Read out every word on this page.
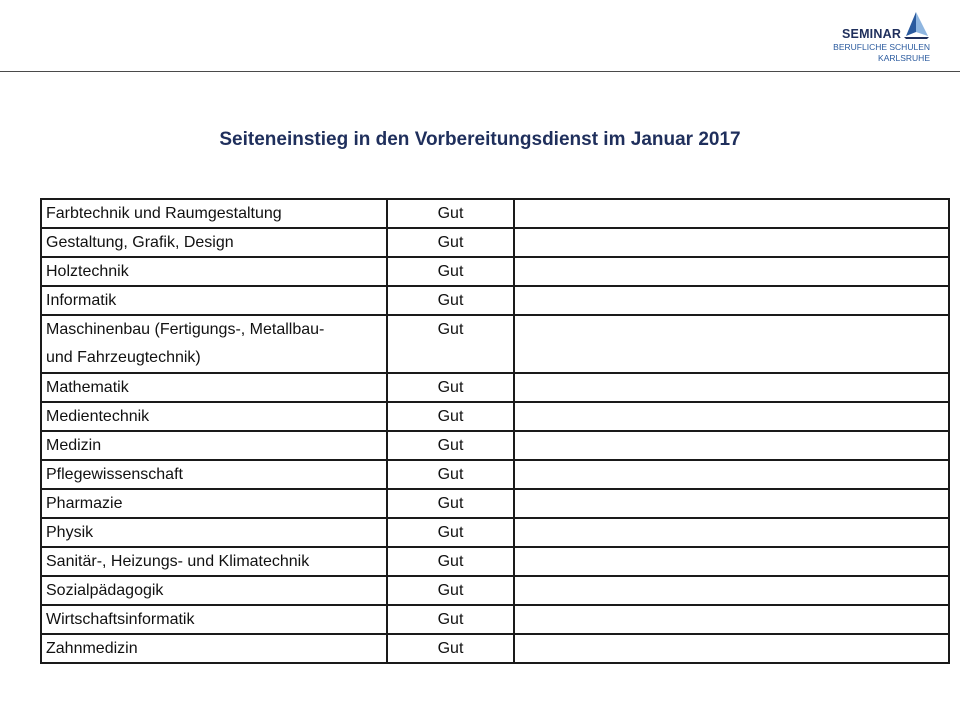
SEMINAR
BERUFLICHE SCHULEN
KARLSRUHE
Seiteneinstieg in den Vorbereitungsdienst im Januar 2017
Farbtechnik und Raumgestaltung	Gut	
Gestaltung, Grafik, Design	Gut	
Holztechnik	Gut	
Informatik	Gut	
Maschinenbau (Fertigungs-, Metallbau-
und Fahrzeugtechnik)	Gut	
Mathematik	Gut	
Medientechnik	Gut	
Medizin	Gut	
Pflegewissenschaft	Gut	
Pharmazie	Gut	
Physik	Gut	
Sanitär-, Heizungs- und Klimatechnik	Gut	
Sozialpädagogik	Gut	
Wirtschaftsinformatik	Gut	
Zahnmedizin	Gut	
